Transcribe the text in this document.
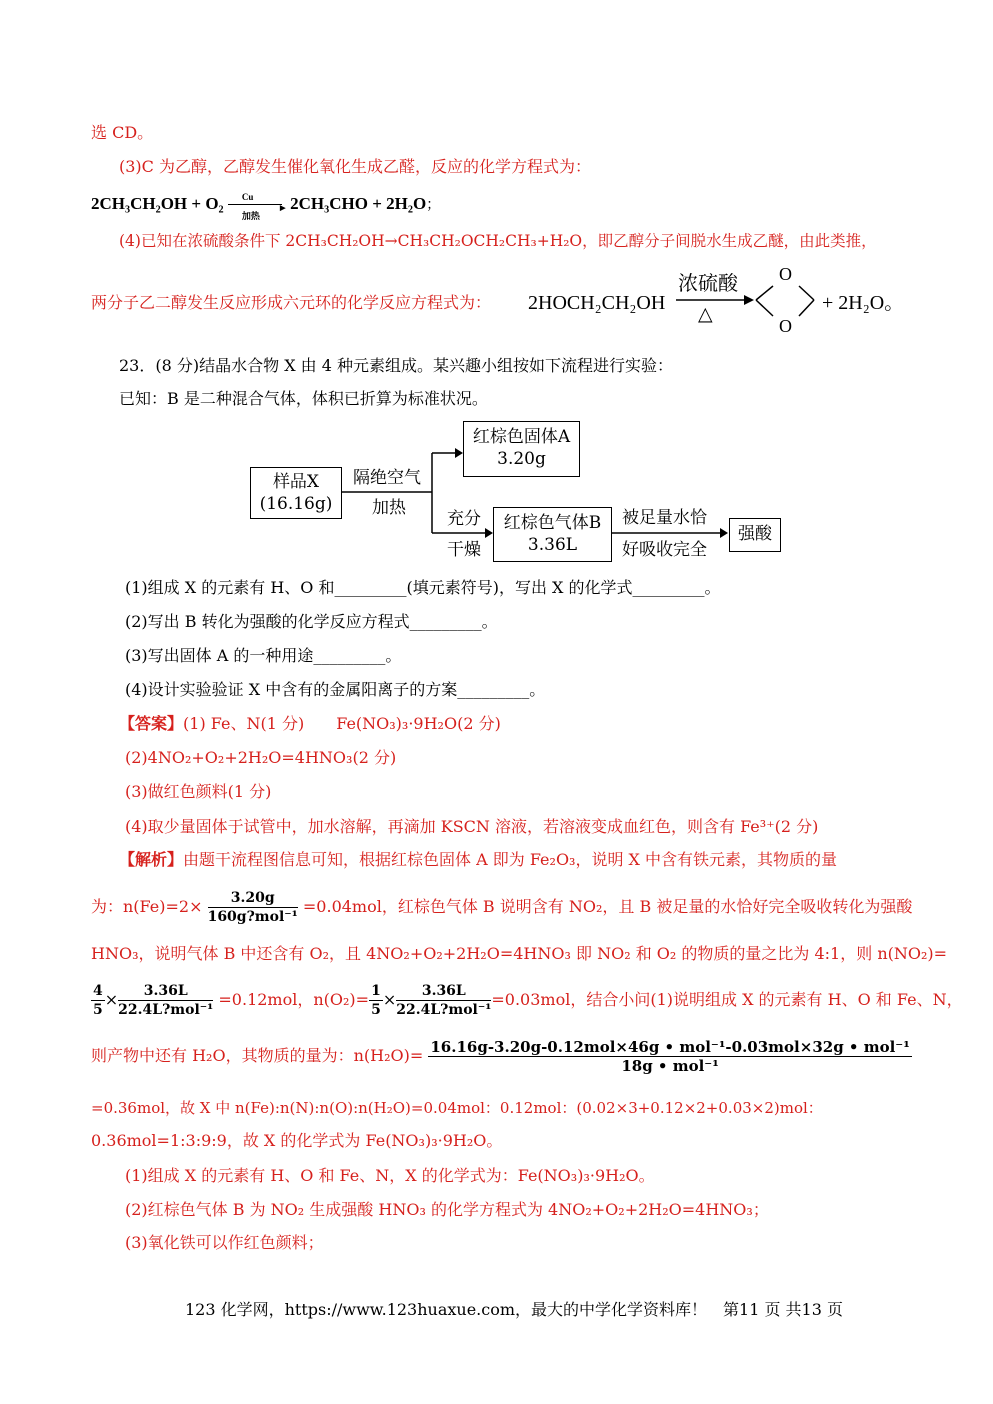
选 CD。
(3)C 为乙醇，乙醇发生催化氧化生成乙醛，反应的化学方程式为：
2CH₃CH₂OH + O₂ Cu
►
加热
2CH₃CHO + 2H₂O；
(4)已知在浓硫酸条件下 2CH₃CH₂OH→CH₃CH₂OCH₂CH₃+H₂O，即乙醇分子间脱水生成乙醚，由此类推，
两分子乙二醇发生反应形成六元环的化学反应方程式为： 2HOCH₂CH₂OH
浓硫酸
△
O
O
+ 2H₂O。
23．(8 分)结晶水合物 X 由 4 种元素组成。某兴趣小组按如下流程进行实验：
已知：B 是二种混合气体，体积已折算为标准状况。
样品X
(16.16g)
隔绝空气
加热
红棕色固体A
3.20g
充分
干燥
红棕色气体B
3.36L
被足量水恰
好吸收完全
强酸
(1)组成 X 的元素有 H、O 和_________(填元素符号)，写出 X 的化学式_________。
(2)写出 B 转化为强酸的化学反应方程式_________。
(3)写出固体 A 的一种用途_________。
(4)设计实验验证 X 中含有的金属阳离子的方案_________。
【答案】(1) Fe、N(1 分)　　Fe(NO₃)₃·9H₂O(2 分)
(2)4NO₂+O₂+2H₂O=4HNO₃(2 分)
(3)做红色颜料(1 分)
(4)取少量固体于试管中，加水溶解，再滴加 KSCN 溶液，若溶液变成血红色，则含有 Fe³⁺(2 分)
【解析】由题干流程图信息可知，根据红棕色固体 A 即为 Fe₂O₃，说明 X 中含有铁元素，其物质的量
为：$n(Fe)=2\times \frac{3.20g}{\text{160g?mol⁻¹}} =0.04mol$，红棕色气体 B 说明含有 NO₂，且 B 被足量的水恰好完全吸收转化为强酸
HNO₃，说明气体 B 中还含有 O₂，且 4NO₂+O₂+2H₂O=4HNO₃ 即 NO₂ 和 O₂ 的物质的量之比为 4:1，则 n(NO₂)=
$\frac{4}{5} \times \frac{3.36L}{\text{22.4L?mol⁻¹}} =0.12mol$，$n(O_2)= \frac{1}{5} \times \frac{3.36L}{\text{22.4L?mol⁻¹}} =0.03mol$，结合小问(1)说明组成 X 的元素有 H、O 和 Fe、N，
则产物中还有 H₂O，其物质的量为：$n(H_2O)= \frac{\text{16.16g-3.20g-0.12mol×46g • mol⁻¹-0.03mol×32g • mol⁻¹}}{\text{18g • mol⁻¹}}$
=0.36mol，故 X 中 n(Fe):n(N):n(O):n(H₂O)=0.04mol：0.12mol：(0.02×3+0.12×2+0.03×2)mol：
0.36mol=1:3:9:9，故 X 的化学式为 Fe(NO₃)₃·9H₂O。
(1)组成 X 的元素有 H、O 和 Fe、N，X 的化学式为：Fe(NO₃)₃·9H₂O。
(2)红棕色气体 B 为 NO₂ 生成强酸 HNO₃ 的化学方程式为 4NO₂+O₂+2H₂O=4HNO₃；
(3)氧化铁可以作红色颜料；
123 化学网，https://www.123huaxue.com，最大的中学化学资料库！　第11 页 共13 页
